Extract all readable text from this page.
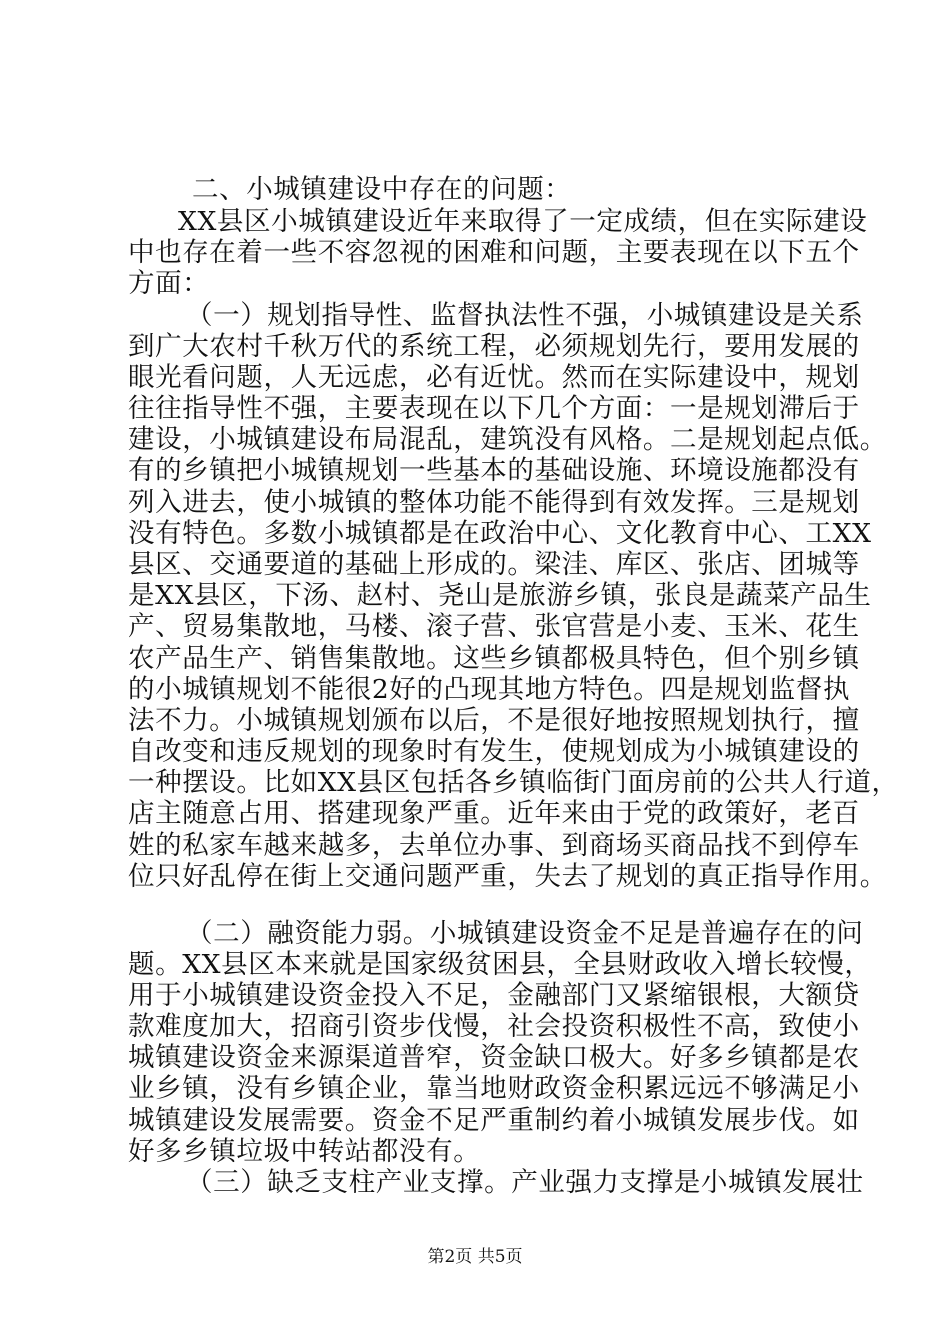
二、小城镇建设中存在的问题：
XX县区小城镇建设近年来取得了一定成绩，但在实际建设
中也存在着一些不容忽视的困难和问题，主要表现在以下五个
方面：
（一）规划指导性、监督执法性不强，小城镇建设是关系
到广大农村千秋万代的系统工程，必须规划先行，要用发展的
眼光看问题，人无远虑，必有近忧。然而在实际建设中，规划
往往指导性不强，主要表现在以下几个方面：一是规划滞后于
建设，小城镇建设布局混乱，建筑没有风格。二是规划起点低。
有的乡镇把小城镇规划一些基本的基础设施、环境设施都没有
列入进去，使小城镇的整体功能不能得到有效发挥。三是规划
没有特色。多数小城镇都是在政治中心、文化教育中心、工XX
县区、交通要道的基础上形成的。梁洼、库区、张店、团城等
是XX县区，下汤、赵村、尧山是旅游乡镇，张良是蔬菜产品生
产、贸易集散地，马楼、滚子营、张官营是小麦、玉米、花生
农产品生产、销售集散地。这些乡镇都极具特色，但个别乡镇
的小城镇规划不能很2好的凸现其地方特色。四是规划监督执
法不力。小城镇规划颁布以后，不是很好地按照规划执行，擅
自改变和违反规划的现象时有发生，使规划成为小城镇建设的
一种摆设。比如XX县区包括各乡镇临街门面房前的公共人行道，
店主随意占用、搭建现象严重。近年来由于党的政策好，老百
姓的私家车越来越多，去单位办事、到商场买商品找不到停车
位只好乱停在街上交通问题严重，失去了规划的真正指导作用。
（二）融资能力弱。小城镇建设资金不足是普遍存在的问
题。XX县区本来就是国家级贫困县，全县财政收入增长较慢，
用于小城镇建设资金投入不足，金融部门又紧缩银根，大额贷
款难度加大，招商引资步伐慢，社会投资积极性不高，致使小
城镇建设资金来源渠道普窄，资金缺口极大。好多乡镇都是农
业乡镇，没有乡镇企业，靠当地财政资金积累远远不够满足小
城镇建设发展需要。资金不足严重制约着小城镇发展步伐。如
好多乡镇垃圾中转站都没有。
（三）缺乏支柱产业支撑。产业强力支撑是小城镇发展壮
第2页 共5页
